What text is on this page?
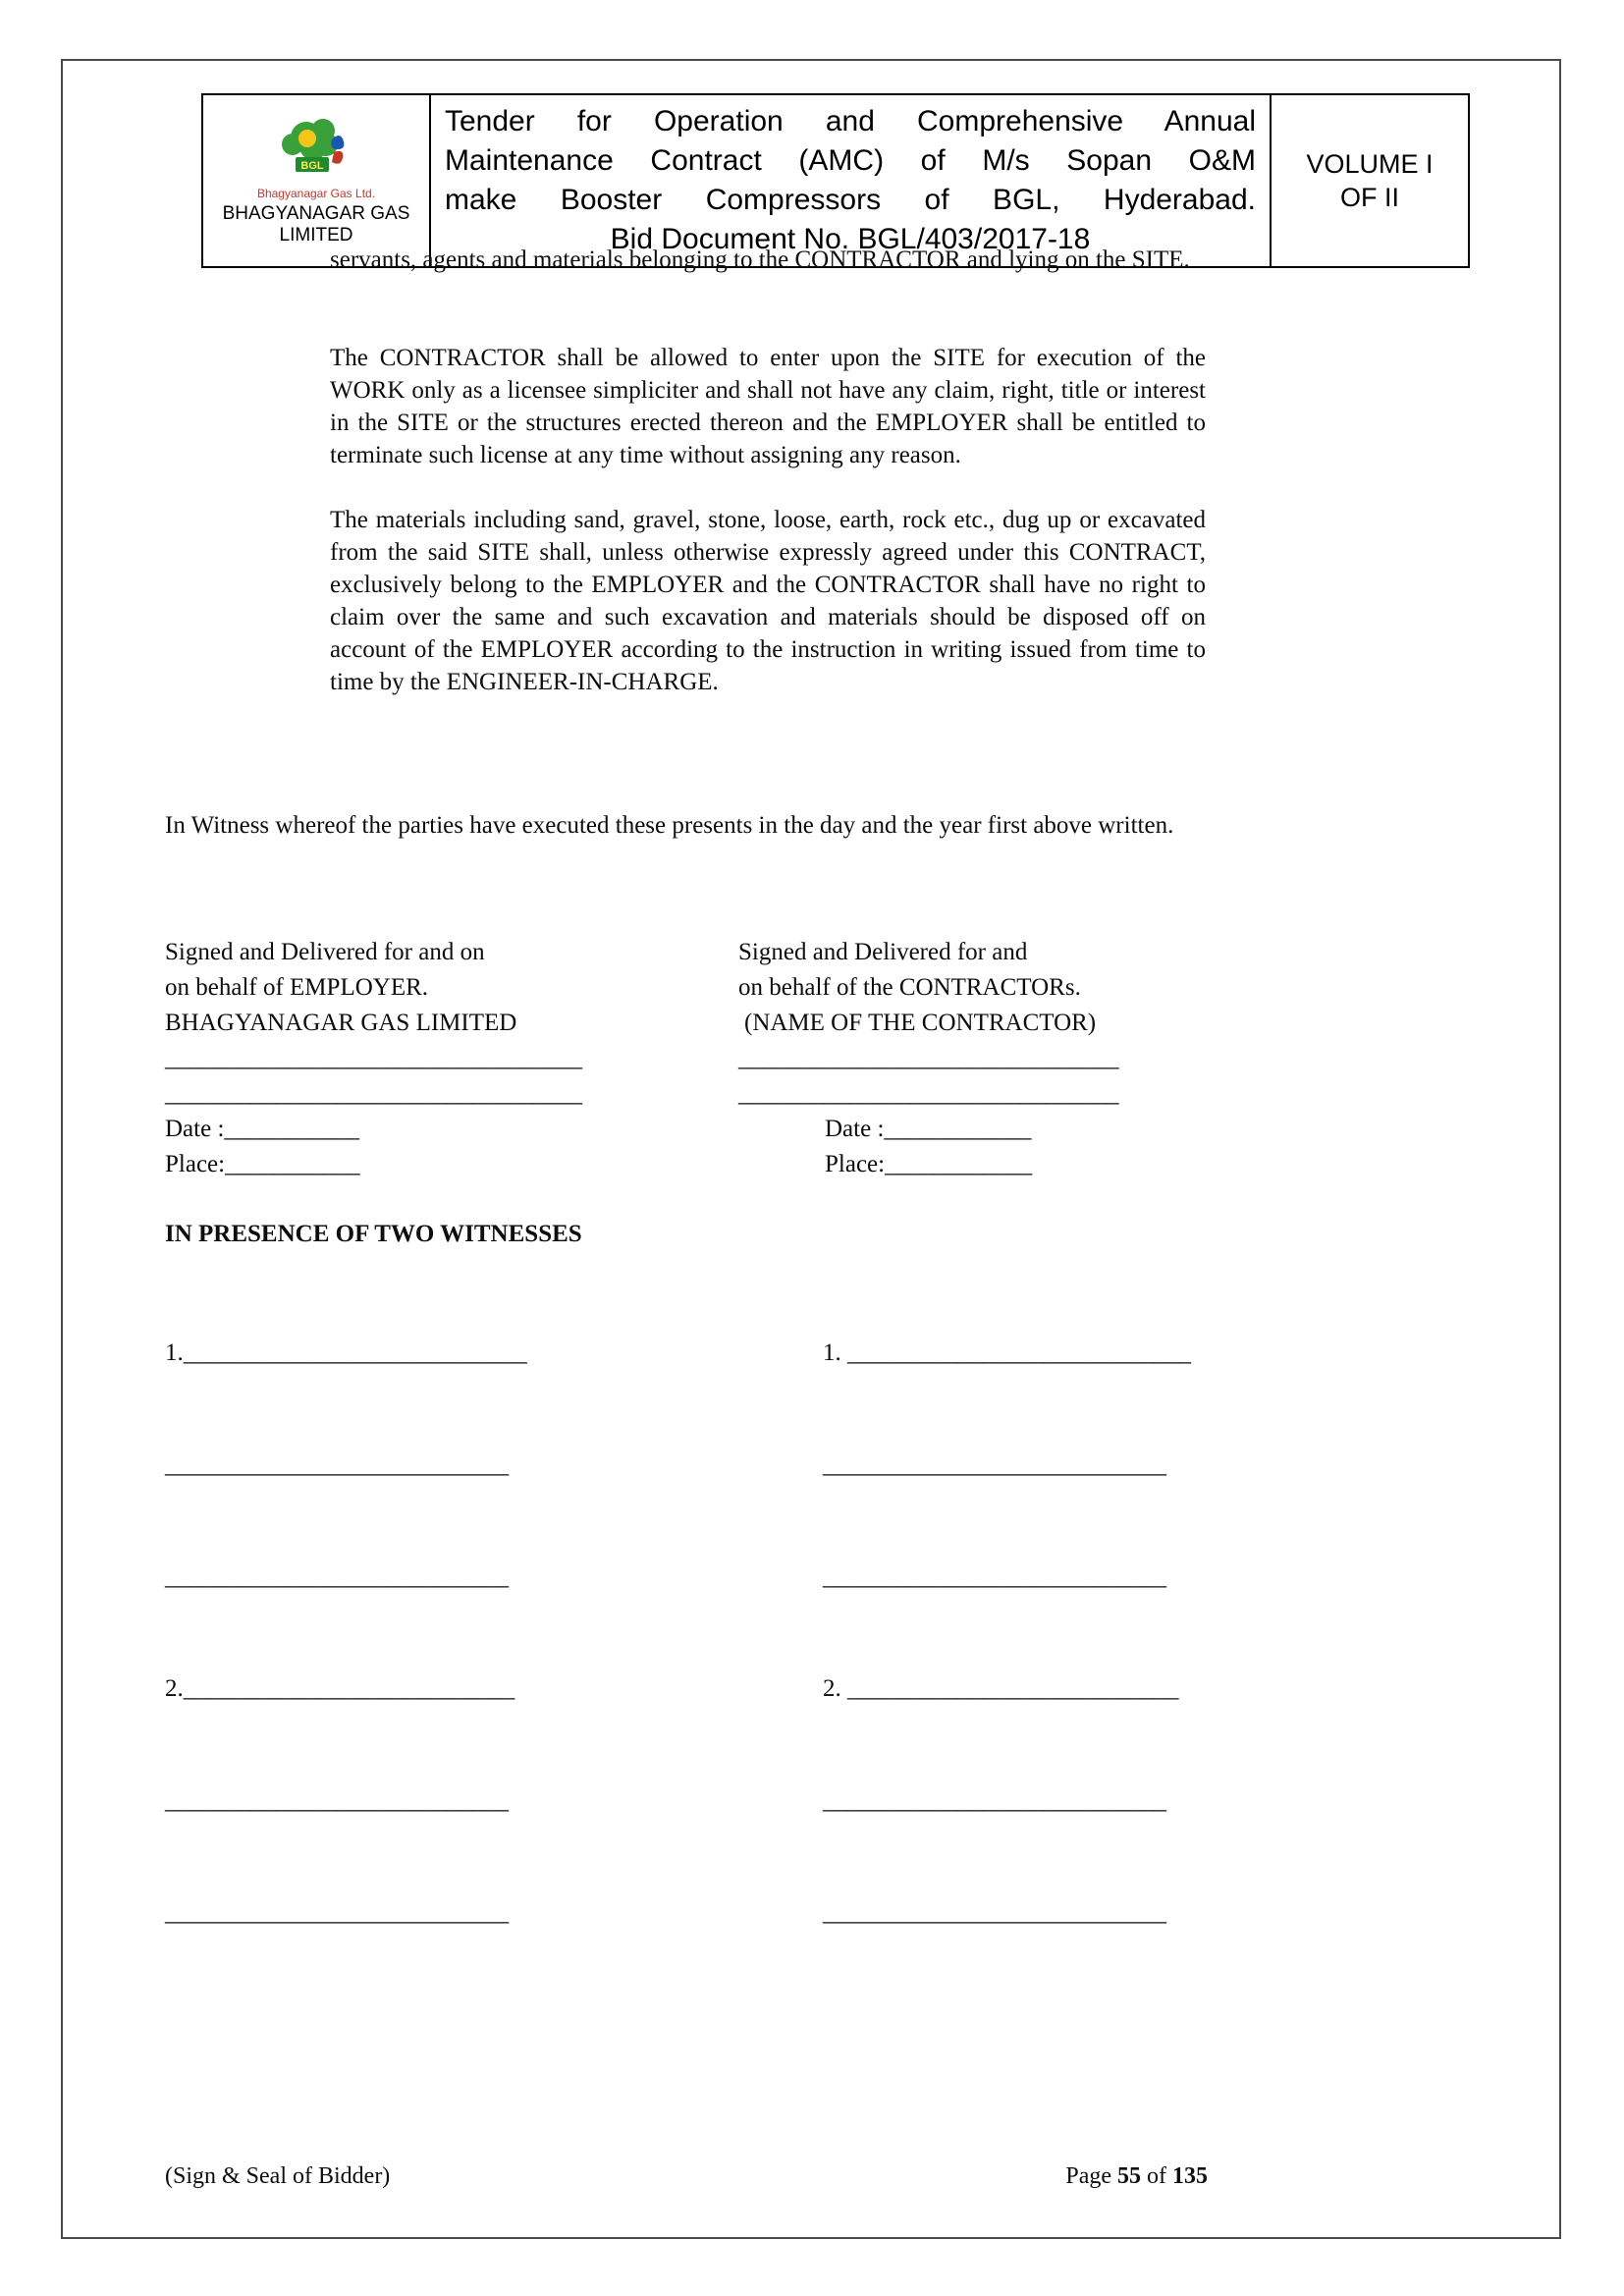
BGL
Bhagyanagar Gas Ltd.
BHAGYANAGAR GAS
LIMITED
Tender for Operation and Comprehensive Annual
Maintenance Contract (AMC) of M/s Sopan O&M
make Booster Compressors of BGL, Hyderabad.
Bid Document No. BGL/403/2017-18
VOLUME I
OF II
servants, agents and materials belonging to the CONTRACTOR and lying on the SITE.
The CONTRACTOR shall be allowed to enter upon the SITE for execution of the WORK only as a licensee simpliciter and shall not have any claim, right, title or interest in the SITE or the structures erected thereon and the EMPLOYER shall be entitled to terminate such license at any time without assigning any reason.
The materials including sand, gravel, stone, loose, earth, rock etc., dug up or excavated from the said SITE shall, unless otherwise expressly agreed under this CONTRACT, exclusively belong to the EMPLOYER and the CONTRACTOR shall have no right to claim over the same and such excavation and materials should be disposed off on account of the EMPLOYER according to the instruction in writing issued from time to time by the ENGINEER-IN-CHARGE.
In Witness whereof the parties have executed these presents in the day and the year first above written.
Signed and Delivered for and on
on behalf of EMPLOYER.
BHAGYANAGAR GAS LIMITED
__________________________________
__________________________________
Date :___________
Place:___________
Signed and Delivered for and
on behalf of the CONTRACTORs.
(NAME OF THE CONTRACTOR)
_______________________________
_______________________________
Date :____________
Place:____________
IN PRESENCE OF TWO WITNESSES

1.____________________________

____________________________

____________________________

2.___________________________

____________________________

____________________________

1. ____________________________

____________________________

____________________________

2. ___________________________

____________________________

____________________________

(Sign & Seal of Bidder)	Page 55 of 135
